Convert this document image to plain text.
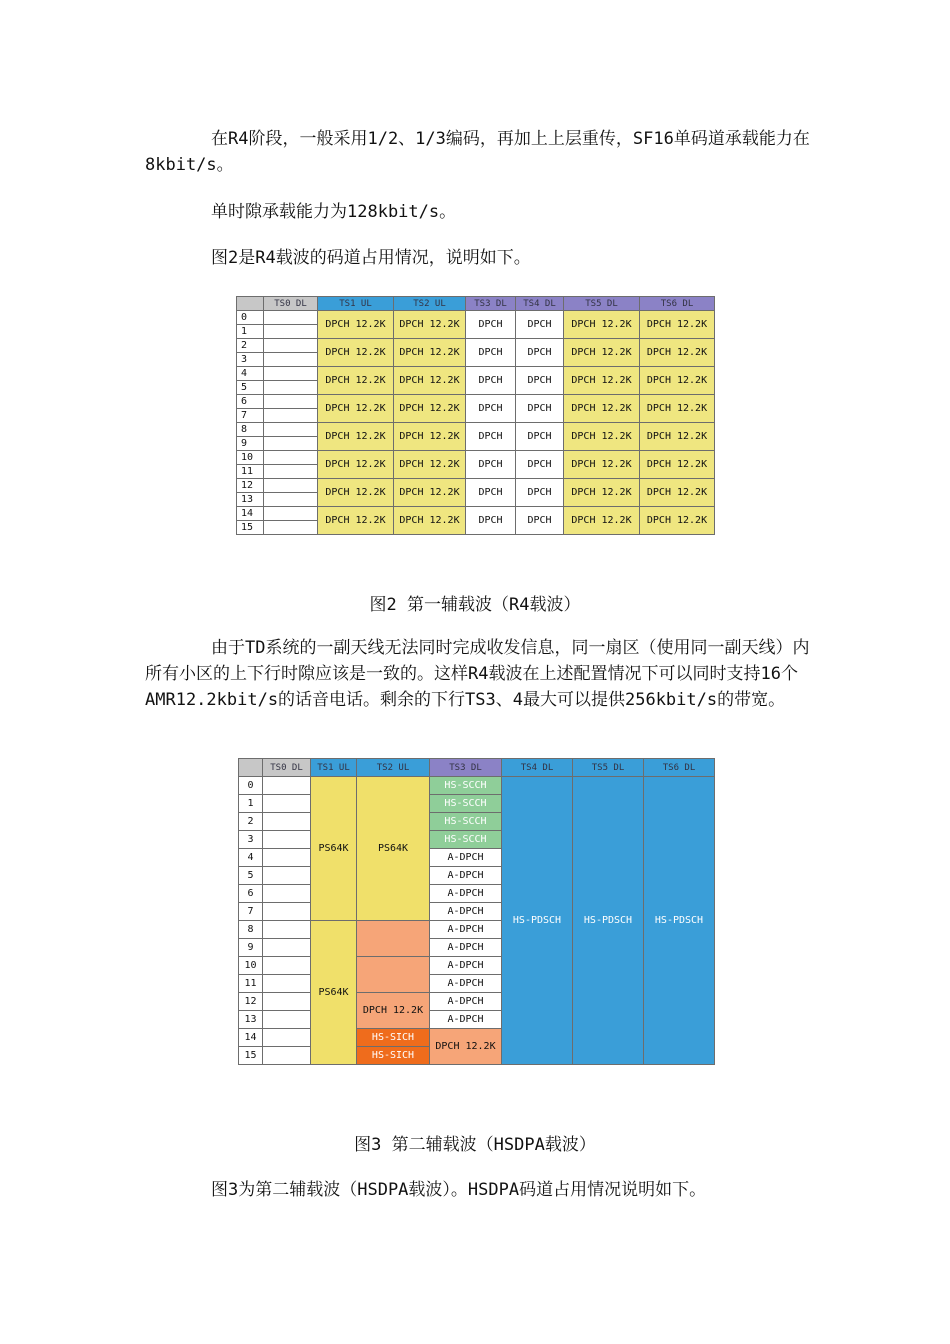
在R4阶段，一般采用1/2、1/3编码，再加上上层重传，SF16单码道承载能力在8kbit/s。

单时隙承载能力为128kbit/s。

图2是R4载波的码道占用情况，说明如下。

	TS0 DL	TS1 UL	TS2 UL	TS3 DL	TS4 DL	TS5 DL	TS6 DL
0		DPCH 12.2K	DPCH 12.2K	DPCH	DPCH	DPCH 12.2K	DPCH 12.2K
1							
2		DPCH 12.2K	DPCH 12.2K	DPCH	DPCH	DPCH 12.2K	DPCH 12.2K
3							
4		DPCH 12.2K	DPCH 12.2K	DPCH	DPCH	DPCH 12.2K	DPCH 12.2K
5							
6		DPCH 12.2K	DPCH 12.2K	DPCH	DPCH	DPCH 12.2K	DPCH 12.2K
7							
8		DPCH 12.2K	DPCH 12.2K	DPCH	DPCH	DPCH 12.2K	DPCH 12.2K
9							
10		DPCH 12.2K	DPCH 12.2K	DPCH	DPCH	DPCH 12.2K	DPCH 12.2K
11							
12		DPCH 12.2K	DPCH 12.2K	DPCH	DPCH	DPCH 12.2K	DPCH 12.2K
13							
14		DPCH 12.2K	DPCH 12.2K	DPCH	DPCH	DPCH 12.2K	DPCH 12.2K
15							

图2 第一辅载波（R4载波）

由于TD系统的一副天线无法同时完成收发信息，同一扇区（使用同一副天线）内所有小区的上下行时隙应该是一致的。这样R4载波在上述配置情况下可以同时支持16个AMR12.2kbit/s的话音电话。剩余的下行TS3、4最大可以提供256kbit/s的带宽。

	TS0 DL	TS1 UL	TS2 UL	TS3 DL	TS4 DL	TS5 DL	TS6 DL
0		PS64K	PS64K	HS-SCCH	HS-PDSCH	HS-PDSCH	HS-PDSCH
1				HS-SCCH			
2				HS-SCCH			
3				HS-SCCH			
4				A-DPCH			
5				A-DPCH			
6				A-DPCH			
7				A-DPCH			
8		PS64K		A-DPCH			
9				A-DPCH			
10				A-DPCH			
11				A-DPCH			
12			DPCH 12.2K	A-DPCH			
13				A-DPCH			
14			HS-SICH	DPCH 12.2K			
15			HS-SICH				

图3 第二辅载波（HSDPA载波）

图3为第二辅载波（HSDPA载波）。HSDPA码道占用情况说明如下。
